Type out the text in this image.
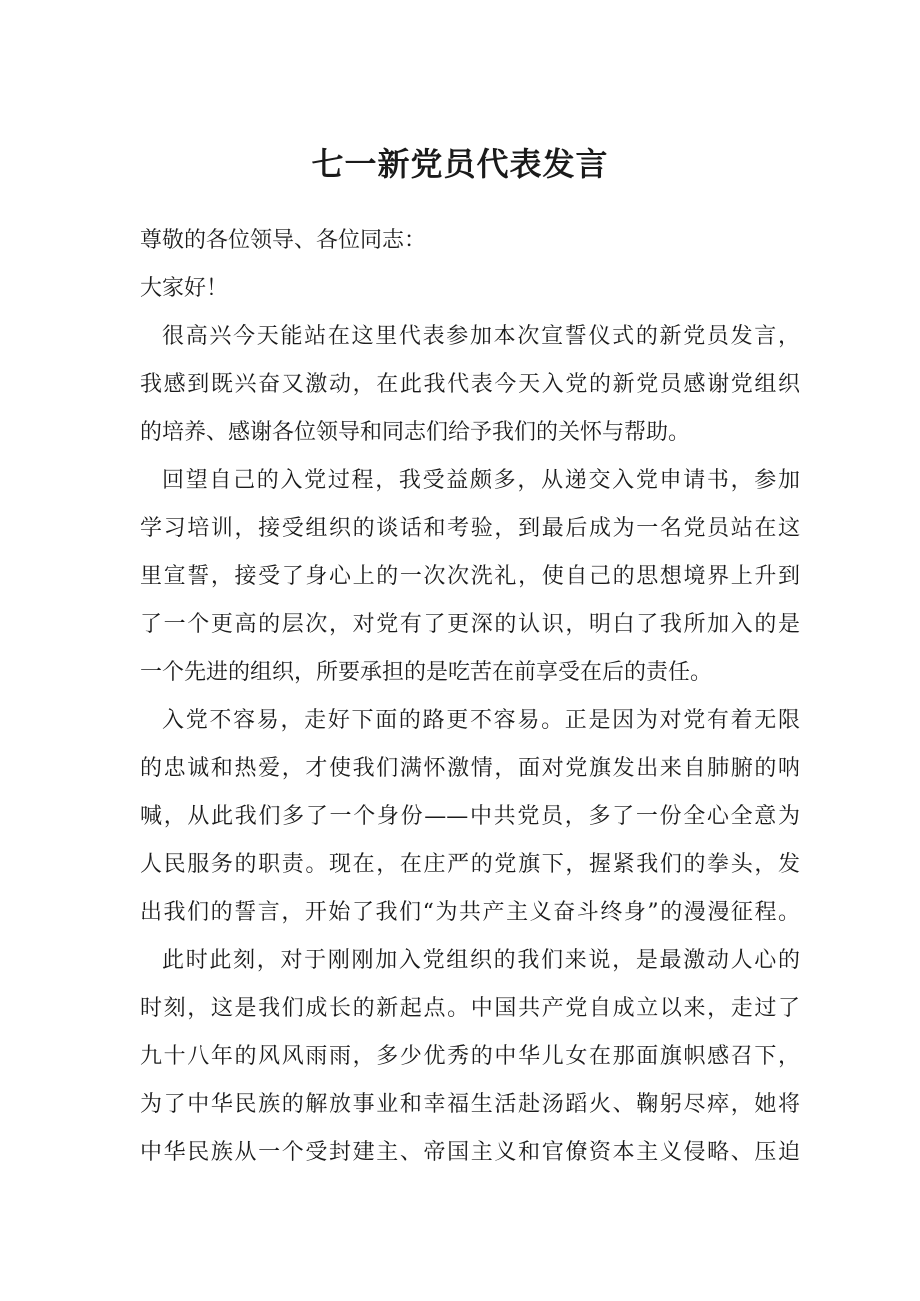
七一新党员代表发言
尊敬的各位领导、各位同志：
大家好！
很高兴今天能站在这里代表参加本次宣誓仪式的新党员发言，
我感到既兴奋又激动，在此我代表今天入党的新党员感谢党组织
的培养、感谢各位领导和同志们给予我们的关怀与帮助。
回望自己的入党过程，我受益颇多，从递交入党申请书，参加
学习培训，接受组织的谈话和考验，到最后成为一名党员站在这
里宣誓，接受了身心上的一次次洗礼，使自己的思想境界上升到
了一个更高的层次，对党有了更深的认识，明白了我所加入的是
一个先进的组织，所要承担的是吃苦在前享受在后的责任。
入党不容易，走好下面的路更不容易。正是因为对党有着无限
的忠诚和热爱，才使我们满怀激情，面对党旗发出来自肺腑的呐
喊，从此我们多了一个身份——中共党员，多了一份全心全意为
人民服务的职责。现在，在庄严的党旗下，握紧我们的拳头，发
出我们的誓言，开始了我们“为共产主义奋斗终身”的漫漫征程。
此时此刻，对于刚刚加入党组织的我们来说，是最激动人心的
时刻，这是我们成长的新起点。中国共产党自成立以来，走过了
九十八年的风风雨雨，多少优秀的中华儿女在那面旗帜感召下，
为了中华民族的解放事业和幸福生活赴汤蹈火、鞠躬尽瘁，她将
中华民族从一个受封建主、帝国主义和官僚资本主义侵略、压迫
